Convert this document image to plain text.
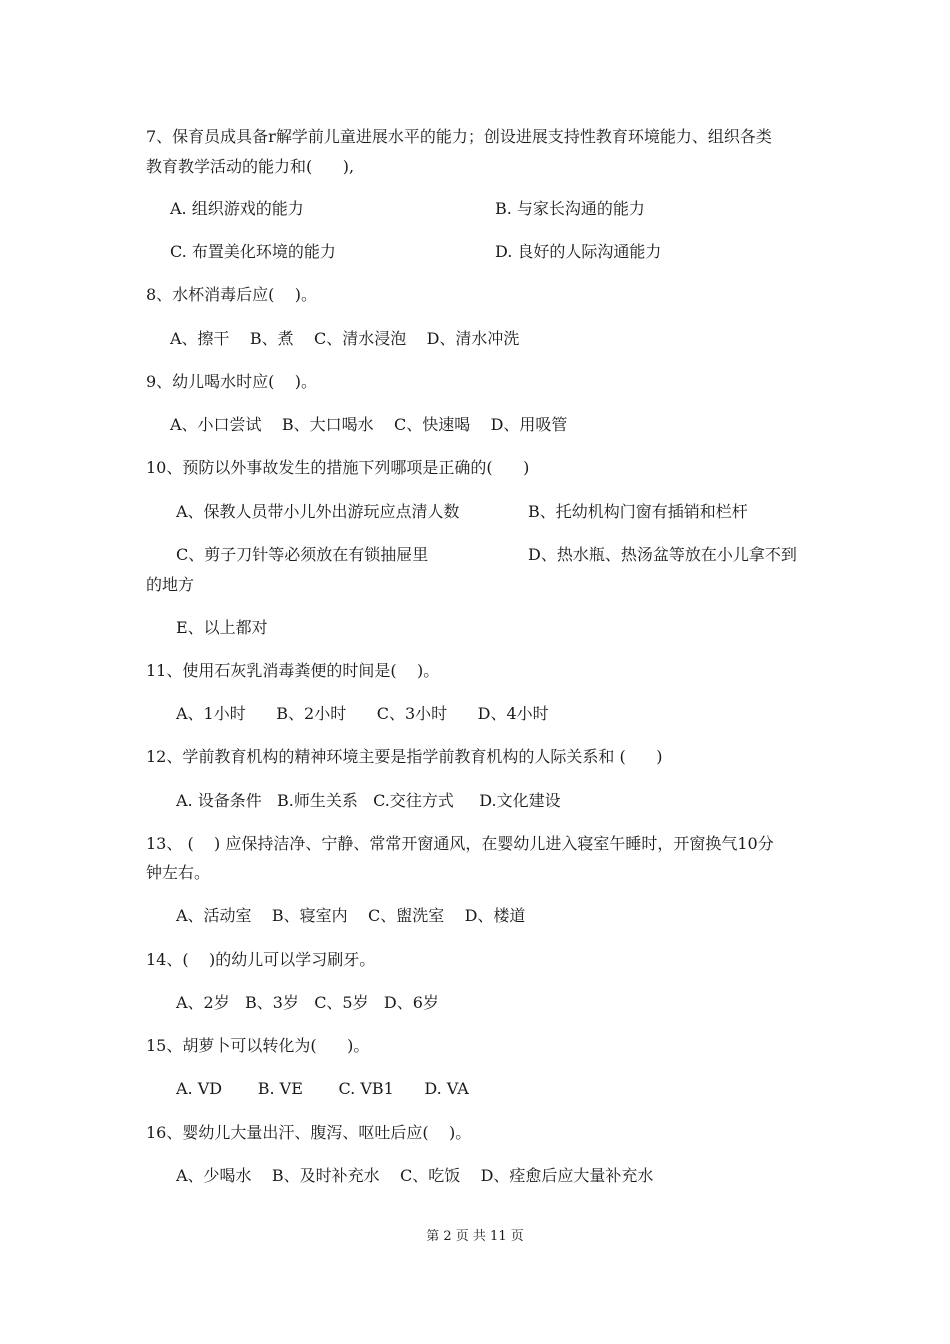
7、保育员成具备r解学前儿童进展水平的能力；创设进展支持性教育环境能力、组织各类
教育教学活动的能力和(      ),
A. 组织游戏的能力	B. 与家长沟通的能力
C. 布置美化环境的能力	D. 良好的人际沟通能力
8、水杯消毒后应(    )。
A、擦干    B、煮    C、清水浸泡    D、清水冲洗
9、幼儿喝水时应(    )。
A、小口尝试    B、大口喝水    C、快速喝    D、用吸管
10、预防以外事故发生的措施下列哪项是正确的(      )
A、保教人员带小儿外出游玩应点清人数	B、托幼机构门窗有插销和栏杆
C、剪子刀针等必须放在有锁抽屉里	D、热水瓶、热汤盆等放在小儿拿不到
的地方
E、以上都对
11、使用石灰乳消毒粪便的时间是(    )。
A、1小时      B、2小时      C、3小时      D、4小时
12、学前教育机构的精神环境主要是指学前教育机构的人际关系和 (      )
A. 设备条件   B.师生关系   C.交往方式     D.文化建设
13、 (    ) 应保持洁净、宁静、常常开窗通风，在婴幼儿进入寝室午睡时，开窗换气10分
钟左右。
A、活动室    B、寝室内    C、盥洗室    D、楼道
14、(    )的幼儿可以学习刷牙。
A、2岁   B、3岁   C、5岁   D、6岁
15、胡萝卜可以转化为(      )。
A. VD       B. VE       C. VB1      D. VA
16、婴幼儿大量出汗、腹泻、呕吐后应(    )。
A、少喝水    B、及时补充水    C、吃饭    D、痊愈后应大量补充水
第 2 页 共 11 页
